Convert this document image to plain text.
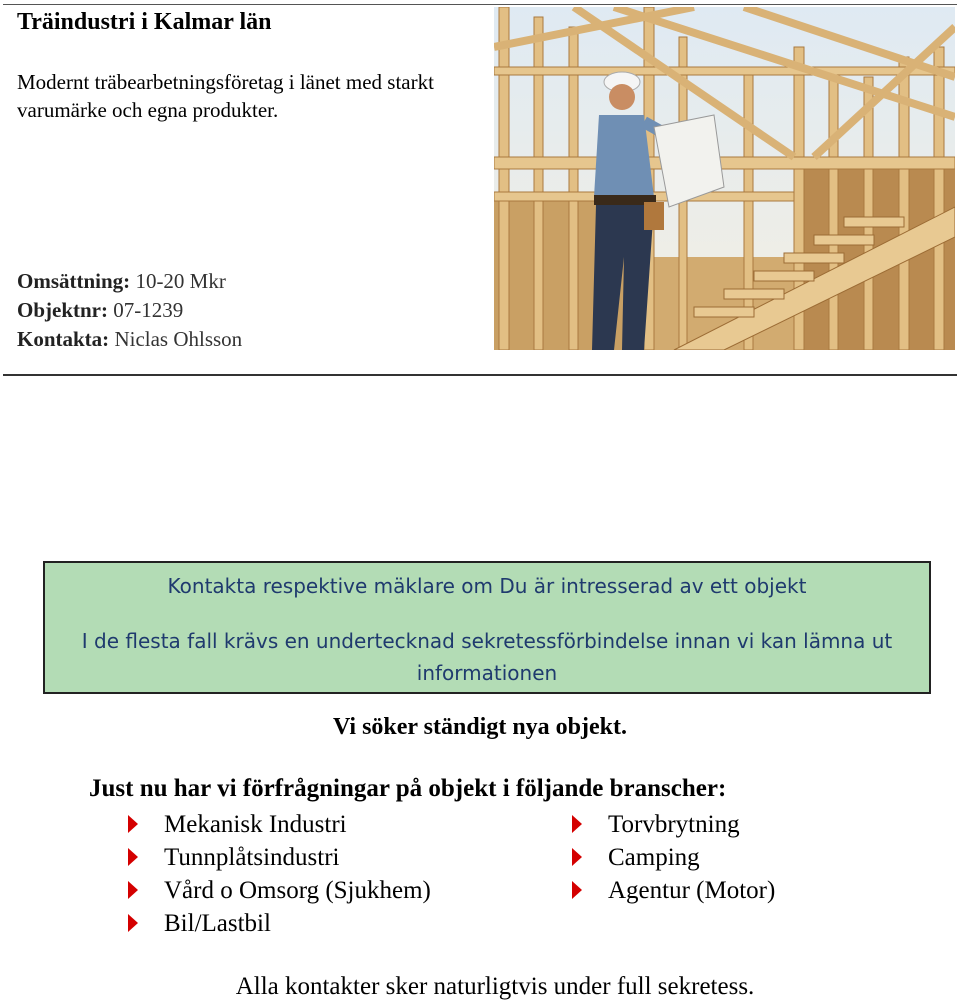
Träindustri i Kalmar län
Modernt träbearbetningsföretag i länet med starkt varumärke och egna produkter.
Omsättning: 10-20 Mkr
Objektnr: 07-1239
Kontakta: Niclas Ohlsson
Kontakta respektive mäklare om Du är intresserad av ett objekt
I de flesta fall krävs en undertecknad sekretessförbindelse innan vi kan lämna ut informationen
Vi söker ständigt nya objekt.
Just nu har vi förfrågningar på objekt i följande branscher:
Mekanisk Industri
Tunnplåtsindustri
Vård o Omsorg (Sjukhem)
Bil/Lastbil
Torvbrytning
Camping
Agentur (Motor)
Alla kontakter sker naturligtvis under full sekretess.
